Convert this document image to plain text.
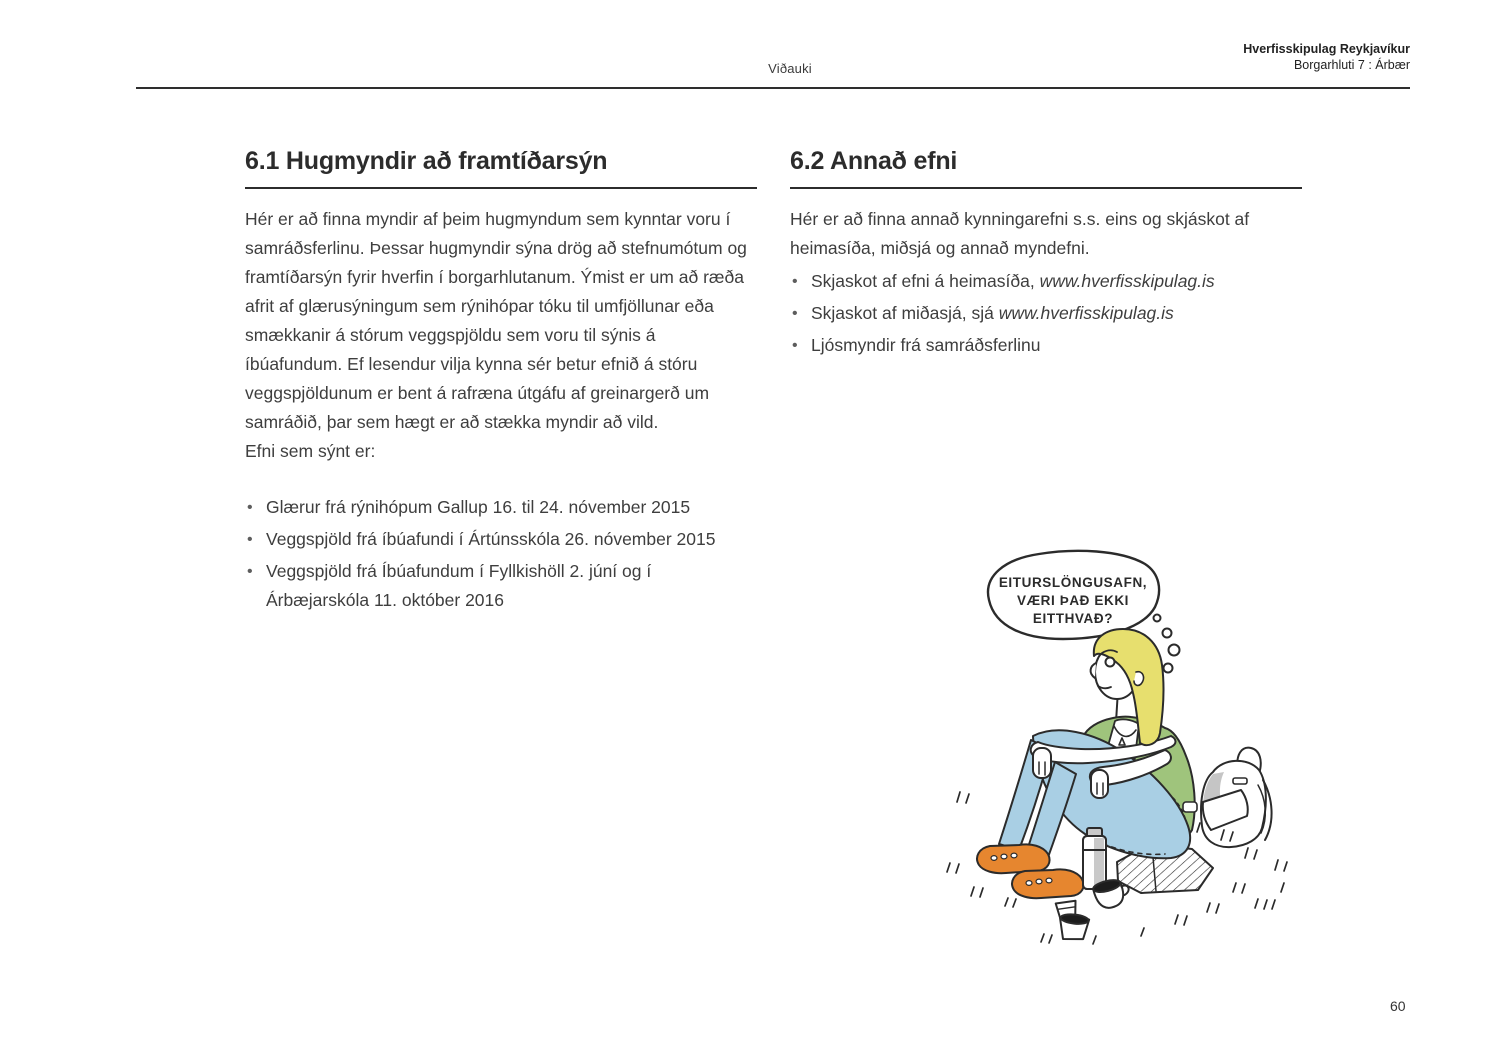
Viðauki
Hverfisskipulag Reykjavíkur
Borgarhluti 7 : Árbær
6.1 Hugmyndir að framtíðarsýn

Hér er að finna myndir af þeim hugmyndum sem kynntar voru í samráðsferlinu. Þessar hugmyndir sýna drög að stefnumótum og framtíðarsýn fyrir hverfin í borgarhlutanum. Ýmist er um að ræða afrit af glærusýningum sem rýnihópar tóku til umfjöllunar eða smækkanir á stórum veggspjöldu sem voru til sýnis á íbúafundum. Ef lesendur vilja kynna sér betur efnið á stóru veggspjöldunum er bent á rafræna útgáfu af greinargerð um samráðið, þar sem hægt er að stækka myndir að vild.

Efni sem sýnt er:

• Glærur frá rýnihópum Gallup 16. til 24. nóvember 2015
• Veggspjöld frá íbúafundi í Ártúnsskóla 26. nóvember 2015
• Veggspjöld frá Íbúafundum í Fyllkishöll 2. júní og í Árbæjarskóla 11. október 2016
6.2 Annað efni

Hér er að finna annað kynningarefni s.s. eins og skjáskot af heimasíða, miðsjá og annað myndefni.

• Skjaskot af efni á heimasíða, www.hverfisskipulag.is
• Skjaskot af miðasjá, sjá www.hverfisskipulag.is
• Ljósmyndir frá samráðsferlinu
EITURSLÖNGUSAFN,
VÆRI ÞAÐ EKKI
EITTHVAÐ?
60
